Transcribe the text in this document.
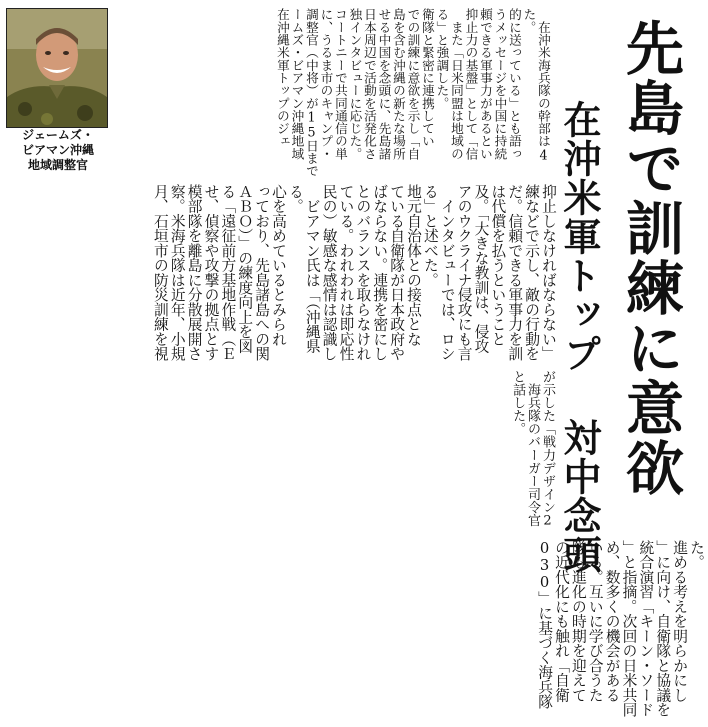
先島で訓練に意欲
在沖米軍トップ 対中念頭
ジェームズ・
ビアマン沖縄
地域調整官
　在沖米海兵隊の幹部は4
た。
的に送っている」とも語っ
うメッセージを中国に持続
頼できる軍事力があるとい
抑止力の基盤」として「信
　また「日米同盟は地域の
る」と強調した。
衛隊と緊密に連携してい
での訓練に意欲を示し「自
島を含む沖縄の新たな場所
せる中国を念頭に、先島諸
日本周辺で活動を活発化さ
独インタビューに応じた。
コートニーで共同通信の単
に、うるま市のキャンプ・
調整官（中将）が15日まで
ームズ・ビアマン沖縄地域
在沖縄米軍トップのジェ
が示した「戦力デザイン2
　海兵隊のバーガー司令官
と話した。
抑止しなければならない」
練などで示し、敵の行動を
だ。信頼できる軍事力を訓
は代償を払うということ
及。「大きな教訓は、侵攻
アのウクライナ侵攻にも言
　インタビューでは、ロシ
る」と述べた。
地元自治体との接点とな
ている自衛隊が日本政府や
ばならない。連携を密にし
とのバランスを取らなけれ
ている。われわれは即応性
民の）敏感な感情は認識し
　ビアマン氏は「（沖縄県
る。
心を高めているとみられ
っており、先島諸島への関
ＡＢＯ）」の練度向上を図
る「遠征前方基地作戦（Ｅ
せ、偵察や攻撃の拠点とす
模部隊を離島に分散展開さ
察。米海兵隊は近年、小規
月、石垣市の防災訓練を視
た。
進める考えを明らかにし
」に向け、自衛隊と協議を
統合演習「キーン・ソード
」と指摘。次回の日米共同
め、数多くの機会がある
いる。互いに学び合うた
隊も進化の時期を迎えて
の近代化にも触れ「自衛
030」に基づく海兵隊
